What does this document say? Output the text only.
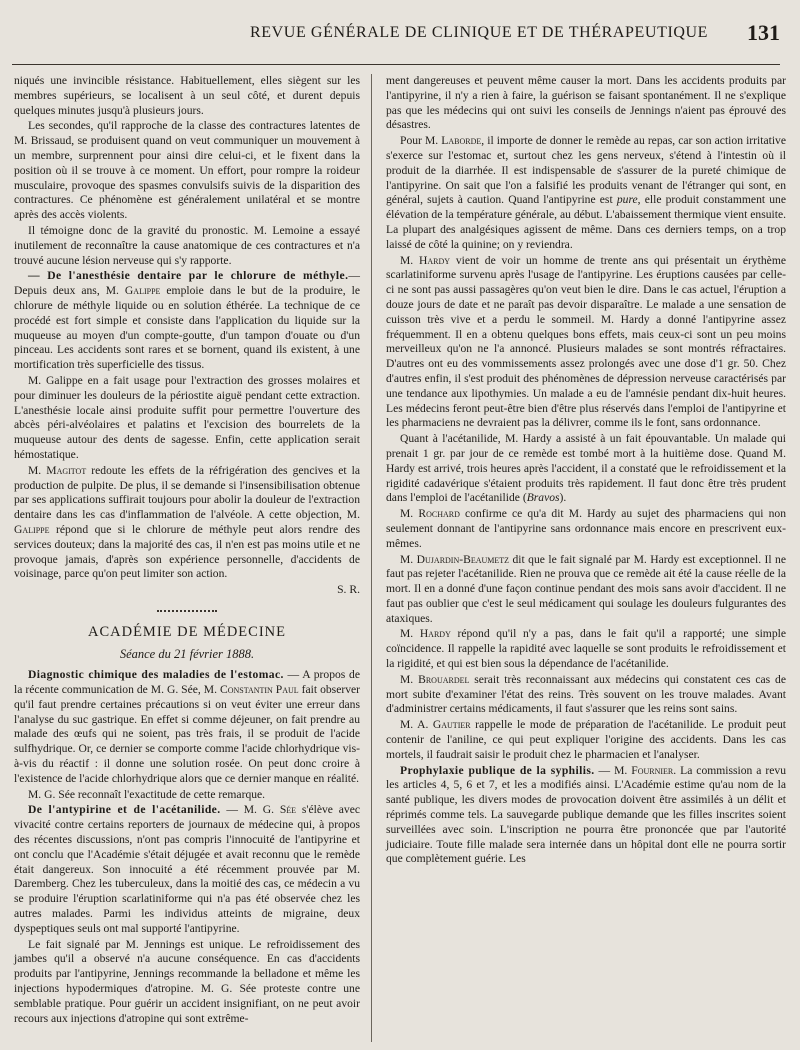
REVUE GÉNÉRALE DE CLINIQUE ET DE THÉRAPEUTIQUE 131

niqués une invincible résistance. Habituellement, elles siègent sur les membres supérieurs, se localisent à un seul côté, et durent depuis quelques minutes jusqu'à plusieurs jours.

Les secondes, qu'il rapproche de la classe des contractures latentes de M. Brissaud, se produisent quand on veut communiquer un mouvement à un membre, surprennent pour ainsi dire celui-ci, et le fixent dans la position où il se trouve à ce moment. Un effort, pour rompre la roideur musculaire, provoque des spasmes convulsifs suivis de la disparition des contractures. Ce phénomène est généralement unilatéral et se montre après des accès violents.

Il témoigne donc de la gravité du pronostic. M. Lemoine a essayé inutilement de reconnaître la cause anatomique de ces contractures et n'a trouvé aucune lésion nerveuse qui s'y rapporte.

— De l'anesthésie dentaire par le chlorure de méthyle.— Depuis deux ans, M. Galippe emploie dans le but de la produire, le chlorure de méthyle liquide ou en solution éthérée. La technique de ce procédé est fort simple et consiste dans l'application du liquide sur la muqueuse au moyen d'un compte-goutte, d'un tampon d'ouate ou d'un pinceau. Les accidents sont rares et se bornent, quand ils existent, à une mortification très superficielle des tissus.

M. Galippe en a fait usage pour l'extraction des grosses molaires et pour diminuer les douleurs de la périostite aiguë pendant cette extraction. L'anesthésie locale ainsi produite suffit pour permettre l'ouverture des abcès péri-alvéolaires et palatins et l'excision des bourrelets de la muqueuse autour des dents de sagesse. Enfin, cette application serait hémostatique.

M. Magitot redoute les effets de la réfrigération des gencives et la production de pulpite. De plus, il se demande si l'insensibilisation obtenue par ses applications suffirait toujours pour abolir la douleur de l'extraction dentaire dans les cas d'inflammation de l'alvéole. A cette objection, M. Galippe répond que si le chlorure de méthyle peut alors rendre des services douteux; dans la majorité des cas, il n'en est pas moins utile et ne provoque jamais, d'après son expérience personnelle, d'accidents de voisinage, parce qu'on peut limiter son action.

S. R.

ACADÉMIE DE MÉDECINE
Séance du 21 février 1888.

Diagnostic chimique des maladies de l'estomac. — A propos de la récente communication de M. G. Sée, M. Constantin Paul fait observer qu'il faut prendre certaines précautions si on veut éviter une erreur dans l'analyse du suc gastrique. En effet si comme déjeuner, on fait prendre au malade des œufs qui ne soient, pas très frais, il se produit de l'acide sulfhydrique. Or, ce dernier se comporte comme l'acide chlorhydrique vis-à-vis du réactif : il donne une solution rosée. On peut donc croire à l'existence de l'acide chlorhydrique alors que ce dernier manque en réalité.

M. G. Sée reconnaît l'exactitude de cette remarque.

De l'antypirine et de l'acétanilide. — M. G. Sée s'élève avec vivacité contre certains reporters de journaux de médecine qui, à propos des récentes discussions, n'ont pas compris l'innocuité de l'antipyrine et ont conclu que l'Académie s'était déjugée et avait reconnu que le remède était dangereux. Son innocuité a été récemment prouvée par M. Daremberg. Chez les tuberculeux, dans la moitié des cas, ce médecin a vu se produire l'éruption scarlatiniforme qui n'a pas été observée chez les autres malades. Parmi les individus atteints de migraine, deux dyspeptiques seuls ont mal supporté l'antipyrine.

Le fait signalé par M. Jennings est unique. Le refroidissement des jambes qu'il a observé n'a aucune conséquence. En cas d'accidents produits par l'antipyrine, Jennings recommande la belladone et même les injections hypodermiques d'atropine. M. G. Sée proteste contre une semblable pratique. Pour guérir un accident insignifiant, on ne peut avoir recours aux injections d'atropine qui sont extrême-

ment dangereuses et peuvent même causer la mort. Dans les accidents produits par l'antipyrine, il n'y a rien à faire, la guérison se faisant spontanément. Il ne s'explique pas que les médecins qui ont suivi les conseils de Jennings n'aient pas éprouvé des désastres.

Pour M. Laborde, il importe de donner le remède au repas, car son action irritative s'exerce sur l'estomac et, surtout chez les gens nerveux, s'étend à l'intestin où il produit de la diarrhée. Il est indispensable de s'assurer de la pureté chimique de l'antipyrine. On sait que l'on a falsifié les produits venant de l'étranger qui sont, en général, sujets à caution. Quand l'antipyrine est pure, elle produit constamment une élévation de la température générale, au début. L'abaissement thermique vient ensuite. La plupart des analgésiques agissent de même. Dans ces derniers temps, on a trop laissé de côté la quinine; on y reviendra.

M. Hardy vient de voir un homme de trente ans qui présentait un érythème scarlatiniforme survenu après l'usage de l'antipyrine. Les éruptions causées par celle-ci ne sont pas aussi passagères qu'on veut bien le dire. Dans le cas actuel, l'éruption a douze jours de date et ne paraît pas devoir disparaître. Le malade a une sensation de cuisson très vive et a perdu le sommeil. M. Hardy a donné l'antipyrine assez fréquemment. Il en a obtenu quelques bons effets, mais ceux-ci sont un peu moins merveilleux qu'on ne l'a annoncé. Plusieurs malades se sont montrés réfractaires. D'autres ont eu des vommissements assez prolongés avec une dose d'1 gr. 50. Chez d'autres enfin, il s'est produit des phénomènes de dépression nerveuse caractérisés par une tendance aux lipothymies. Un malade a eu de l'amnésie pendant dix-huit heures. Les médecins feront peut-être bien d'être plus réservés dans l'emploi de l'antipyrine et les pharmaciens ne devraient pas la délivrer, comme ils le font, sans ordonnance.

Quant à l'acétanilide, M. Hardy a assisté à un fait épouvantable. Un malade qui prenait 1 gr. par jour de ce remède est tombé mort à la huitième dose. Quand M. Hardy est arrivé, trois heures après l'accident, il a constaté que le refroidissement et la rigidité cadavérique s'étaient produits très rapidement. Il faut donc être très prudent dans l'emploi de l'acétanilide (Bravos).

M. Rochard confirme ce qu'a dit M. Hardy au sujet des pharmaciens qui non seulement donnant de l'antipyrine sans ordonnance mais encore en prescrivent eux-mêmes.

M. Dujardin-Beaumetz dit que le fait signalé par M. Hardy est exceptionnel. Il ne faut pas rejeter l'acétanilide. Rien ne prouva que ce remède ait été la cause réelle de la mort. Il en a donné d'une façon continue pendant des mois sans avoir d'accident. Il ne faut pas oublier que c'est le seul médicament qui soulage les douleurs fulgurantes des ataxiques.

M. Hardy répond qu'il n'y a pas, dans le fait qu'il a rapporté; une simple coïncidence. Il rappelle la rapidité avec laquelle se sont produits le refroidissement et la rigidité, et qui est bien sous la dépendance de l'acétanilide.

M. Brouardel serait très reconnaissant aux médecins qui constatent ces cas de mort subite d'examiner l'état des reins. Très souvent on les trouve malades. Avant d'administrer certains médicaments, il faut s'assurer que les reins sont sains.

M. A. Gautier rappelle le mode de préparation de l'acétanilide. Le produit peut contenir de l'aniline, ce qui peut expliquer l'origine des accidents. Dans les cas mortels, il faudrait saisir le produit chez le pharmacien et l'analyser.

Prophylaxie publique de la syphilis. — M. Fournier. La commission a revu les articles 4, 5, 6 et 7, et les a modifiés ainsi. L'Académie estime qu'au nom de la santé publique, les divers modes de provocation doivent être assimilés à un délit et réprimés comme tels. La sauvegarde publique demande que les filles inscrites soient surveillées avec soin. L'inscription ne pourra être prononcée que par l'autorité judiciaire. Toute fille malade sera internée dans un hôpital dont elle ne pourra sortir que complètement guérie. Les
